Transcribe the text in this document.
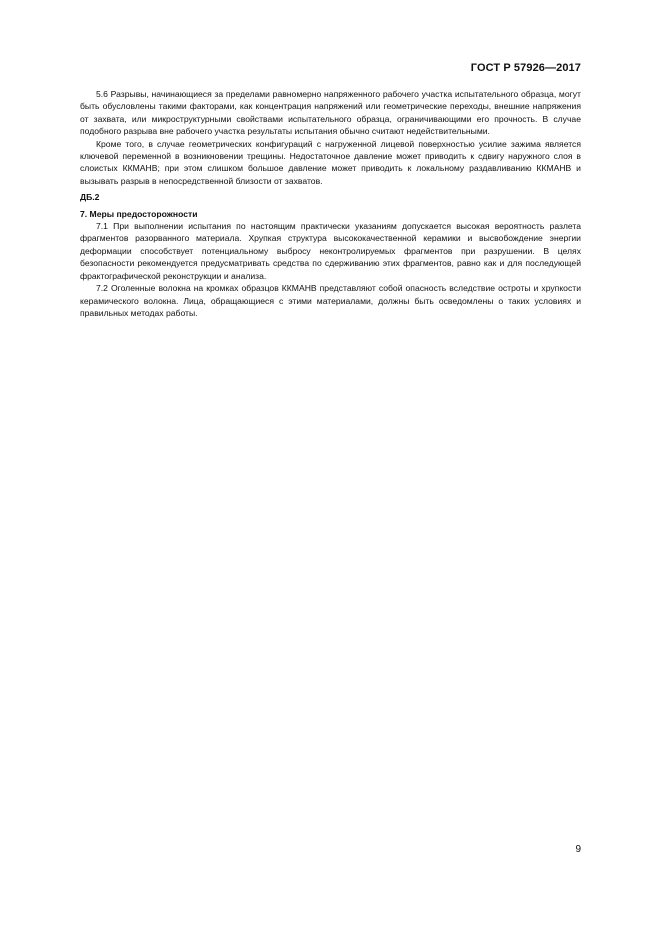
ГОСТ Р 57926—2017

5.6 Разрывы, начинающиеся за пределами равномерно напряженного рабочего участка испытательного образца, могут быть обусловлены такими факторами, как концентрация напряжений или геометрические переходы, внешние напряжения от захвата, или микроструктурными свойствами испытательного образца, ограничивающими его прочность. В случае подобного разрыва вне рабочего участка результаты испытания обычно считают недействительными.

Кроме того, в случае геометрических конфигураций с нагруженной лицевой поверхностью усилие зажима является ключевой переменной в возникновении трещины. Недостаточное давление может приводить к сдвигу наружного слоя в слоистых ККМАНВ; при этом слишком большое давление может приводить к локальному раздавливанию ККМАНВ и вызывать разрыв в непосредственной близости от захватов.

ДБ.2
7. Меры предосторожности

7.1 При выполнении испытания по настоящим практически указаниям допускается высокая вероятность разлета фрагментов разорванного материала. Хрупкая структура высококачественной керамики и высвобождение энергии деформации способствует потенциальному выбросу неконтролируемых фрагментов при разрушении. В целях безопасности рекомендуется предусматривать средства по сдерживанию этих фрагментов, равно как и для последующей фрактографической реконструкции и анализа.

7.2 Оголенные волокна на кромках образцов ККМАНВ представляют собой опасность вследствие остроты и хрупкости керамического волокна. Лица, обращающиеся с этими материалами, должны быть осведомлены о таких условиях и правильных методах работы.

9
